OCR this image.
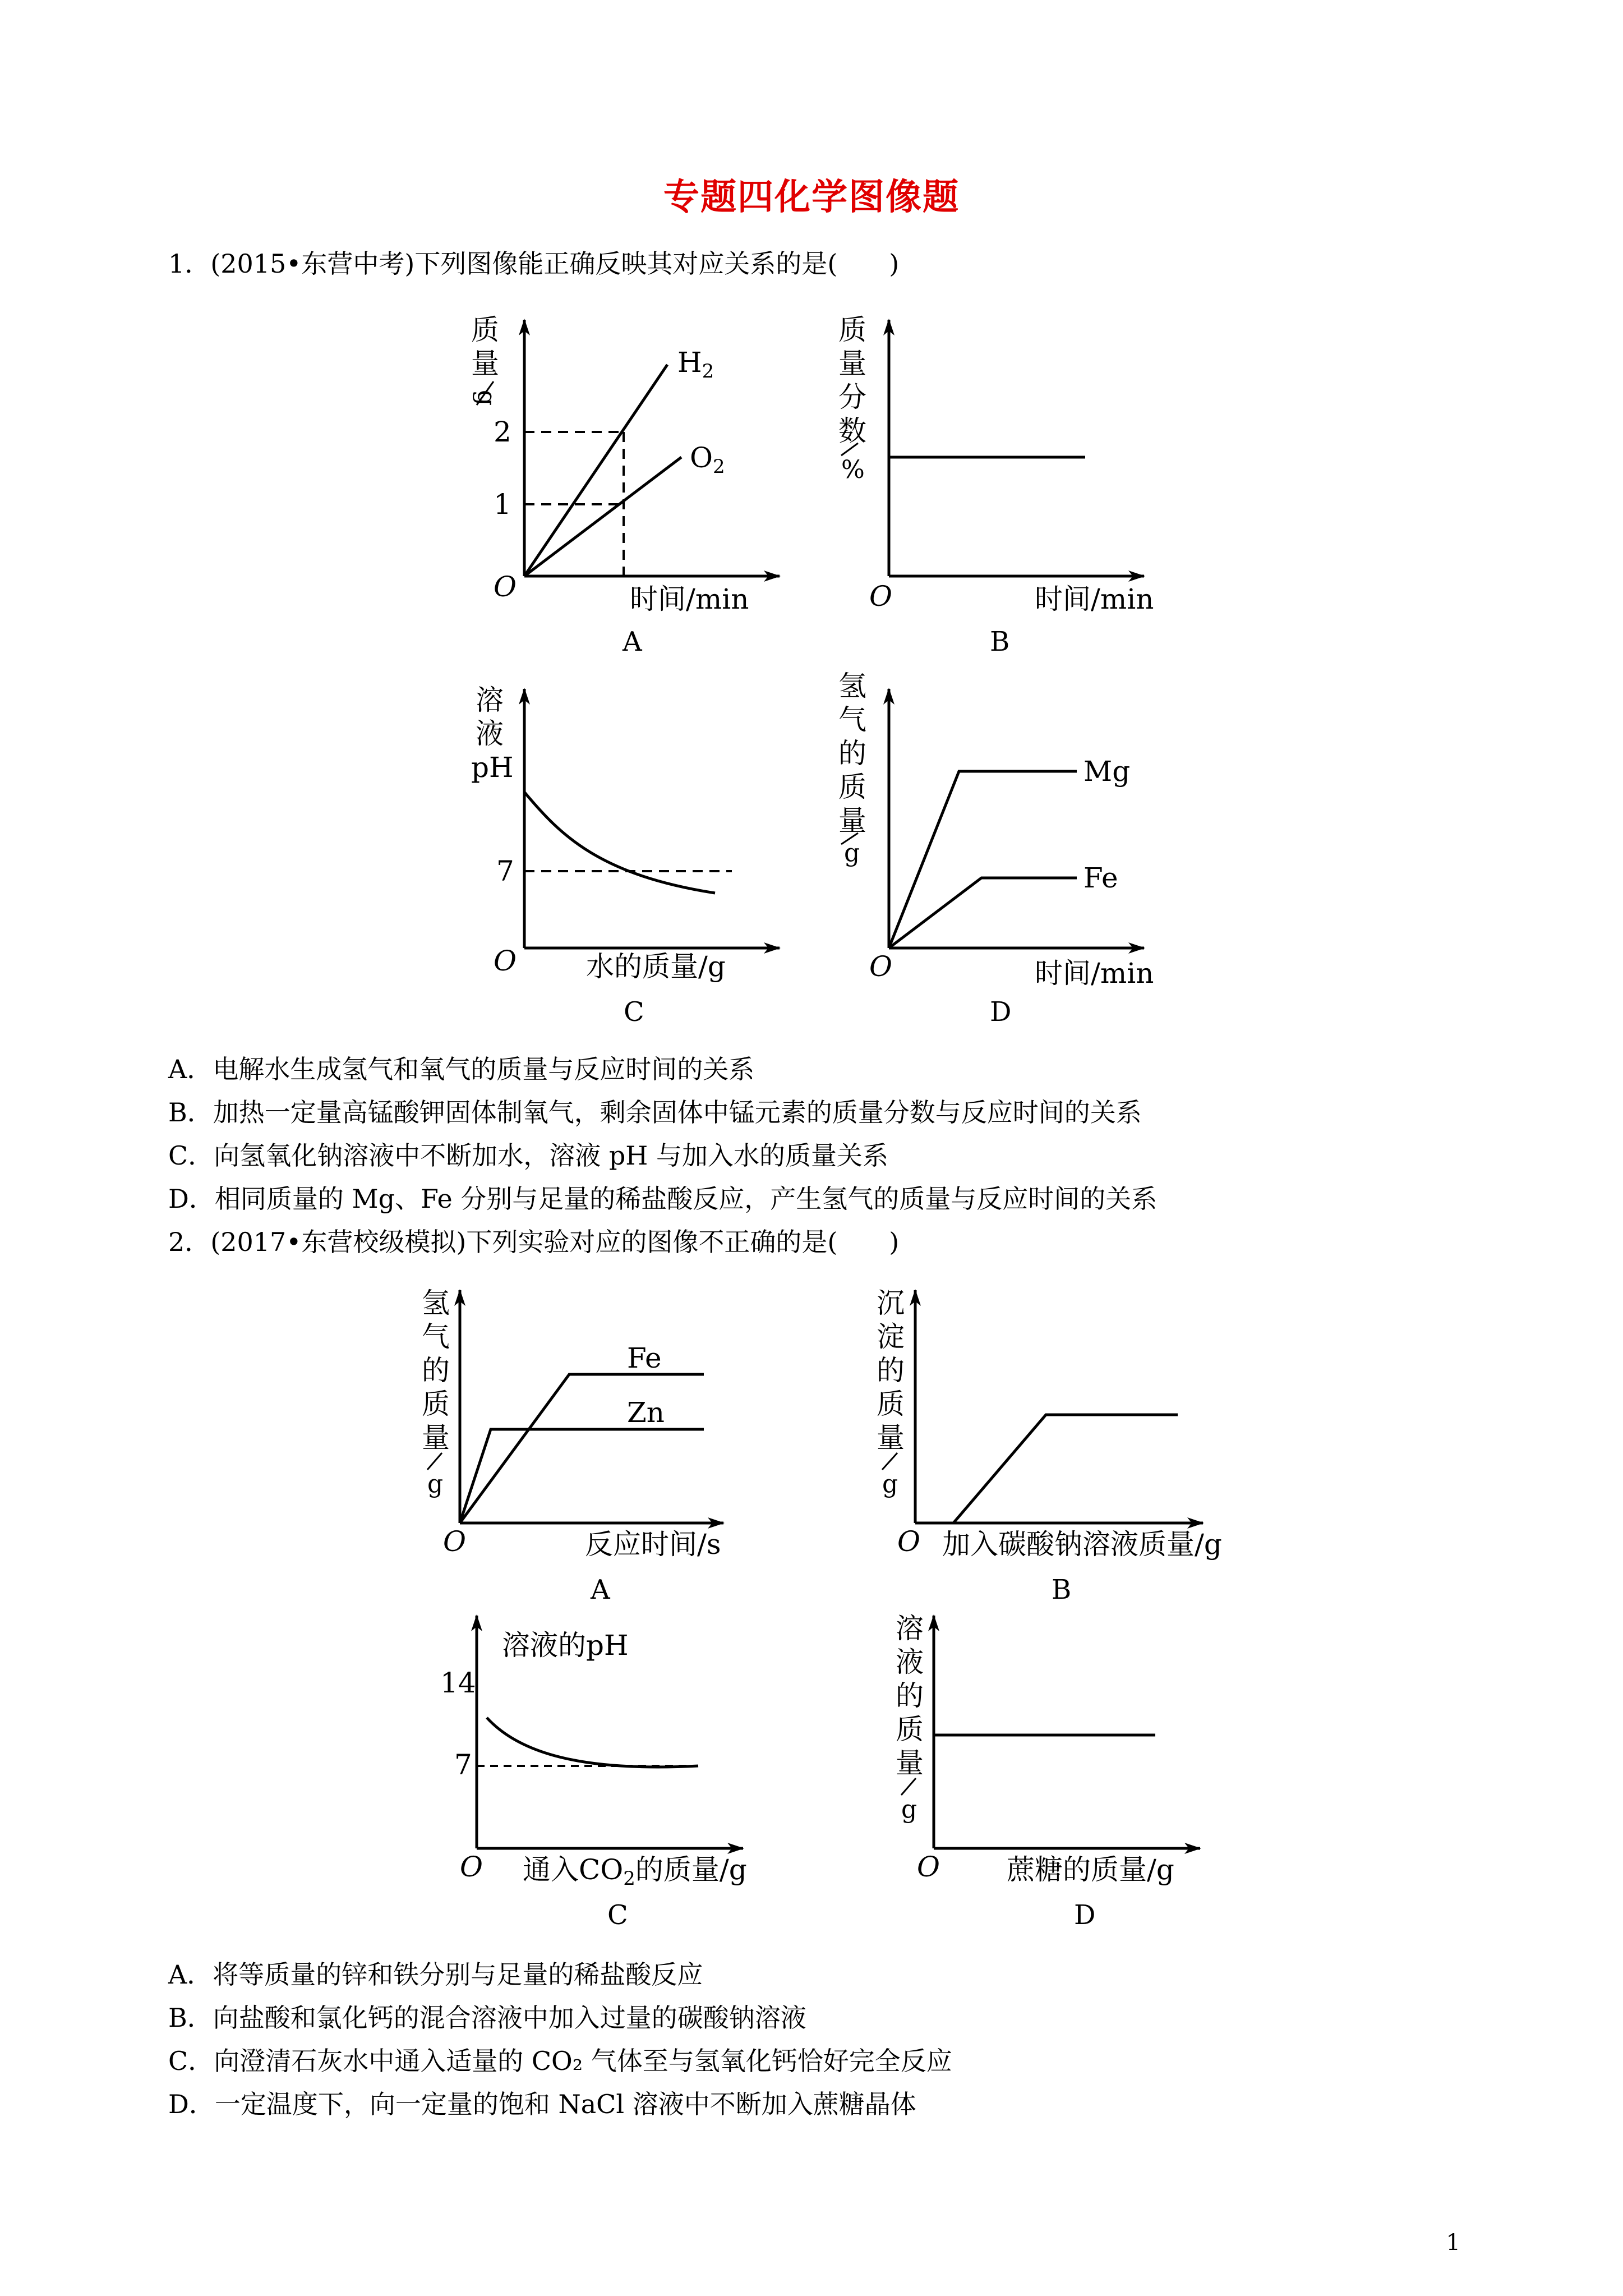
专题四化学图像题
1．(2015•东营中考)下列图像能正确反映其对应关系的是(　　)
质
量
g
2
1
O	时间/min
$H_2$
$O_2$
A
质
量
分
数
%
O	时间/min
B
溶
液
pH
7
O 水的质量/g
C
氢
气
的
质
量
g
Mg
Fe
O	时间/min
D
氢
气
的
质
量
g
Fe
Zn
O	反应时间/s
A
沉
淀
的
质
量
g
O 加入碳酸钠溶液质量/g
B
溶液的pH
14
7
O 通入$CO_2$的质量/g
C
溶
液
的
质
量
g
O 蔗糖的质量/g
D
A．电解水生成氢气和氧气的质量与反应时间的关系
B．加热一定量高锰酸钾固体制氧气，剩余固体中锰元素的质量分数与反应时间的关系
C．向氢氧化钠溶液中不断加水，溶液 pH 与加入水的质量关系
D．相同质量的 Mg、Fe 分别与足量的稀盐酸反应，产生氢气的质量与反应时间的关系
2．(2017•东营校级模拟)下列实验对应的图像不正确的是(　　)
A．将等质量的锌和铁分别与足量的稀盐酸反应
B．向盐酸和氯化钙的混合溶液中加入过量的碳酸钠溶液
C．向澄清石灰水中通入适量的 CO₂ 气体至与氢氧化钙恰好完全反应
D．一定温度下，向一定量的饱和 NaCl 溶液中不断加入蔗糖晶体
1
